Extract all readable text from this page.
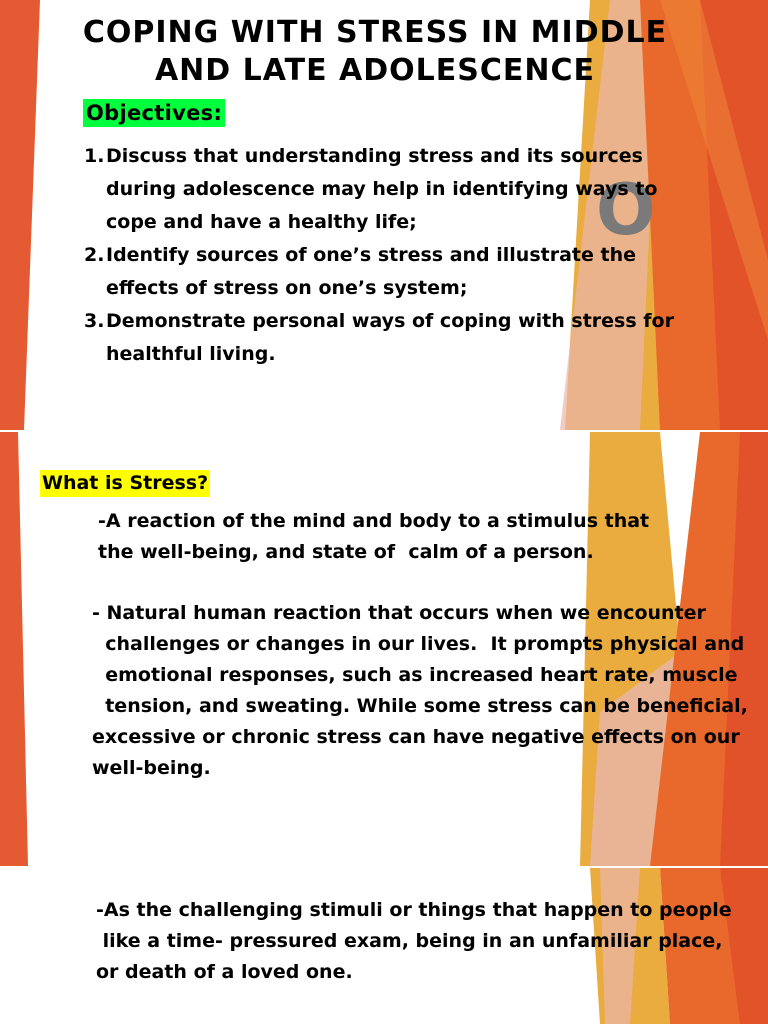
COPING WITH STRESS IN MIDDLE
AND LATE ADOLESCENCE
O
Objectives:
1. Discuss that understanding stress and its sources during adolescence may help in identifying ways to cope and have a healthy life;
2. Identify sources of one’s stress and illustrate the effects of stress on one’s system;
3. Demonstrate personal ways of coping with stress for healthful living.
What is Stress?
-A reaction of the mind and body to a stimulus that
the well-being, and state of  calm of a person.
- Natural human reaction that occurs when we encounter
challenges or changes in our lives.  It prompts physical and
emotional responses, such as increased heart rate, muscle
tension, and sweating. While some stress can be beneficial,
excessive or chronic stress can have negative effects on our
well-being.
-As the challenging stimuli or things that happen to people
like a time- pressured exam, being in an unfamiliar place,
or death of a loved one.
